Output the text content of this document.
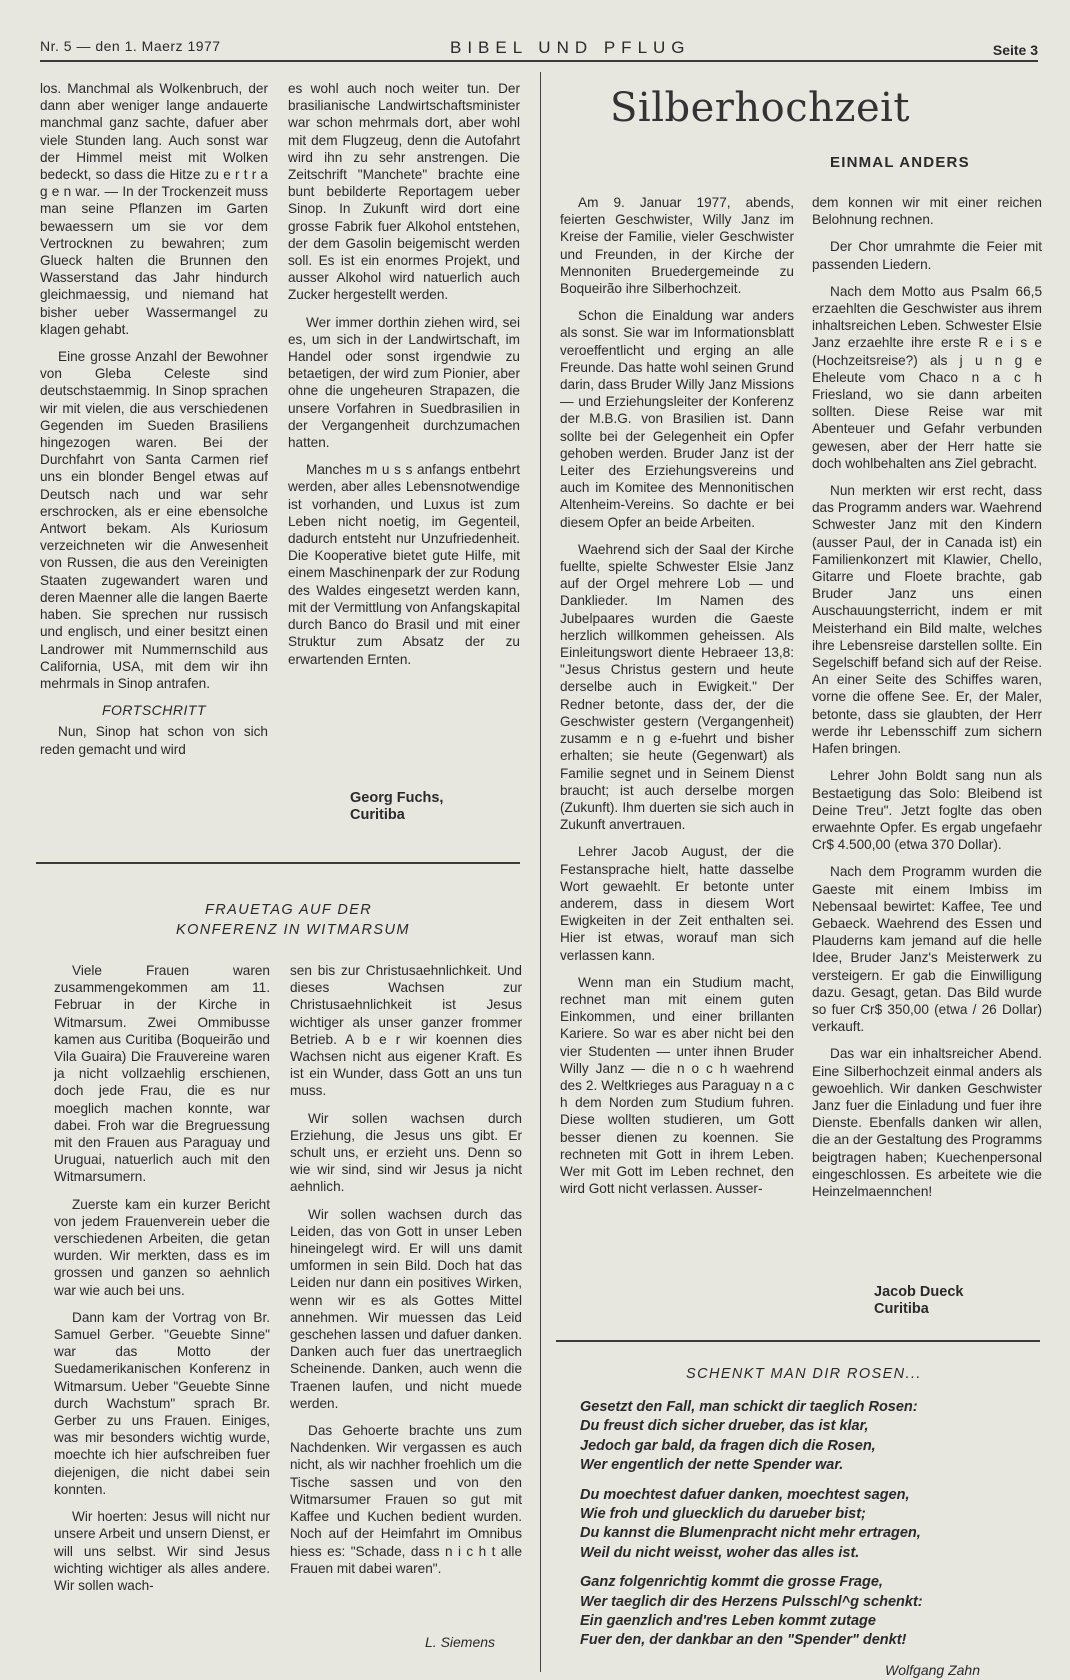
Nr. 5 — den 1. Maerz 1977	BIBEL UND PFLUG	Seite 3

los. Manchmal als Wolkenbruch, der dann aber weniger lange andauerte manchmal ganz sachte, dafuer aber viele Stunden lang. Auch sonst war der Himmel meist mit Wolken bedeckt, so dass die Hitze zu e r t r a g e n war. — In der Trockenzeit muss man seine Pflanzen im Garten bewaessern um sie vor dem Vertrocknen zu bewahren; zum Glueck halten die Brunnen den Wasserstand das Jahr hindurch gleichmaessig, und niemand hat bisher ueber Wassermangel zu klagen gehabt.

Eine grosse Anzahl der Bewohner von Gleba Celeste sind deutschstaemmig. In Sinop sprachen wir mit vielen, die aus verschiedenen Gegenden im Sueden Brasiliens hingezogen waren. Bei der Durchfahrt von Santa Carmen rief uns ein blonder Bengel etwas auf Deutsch nach und war sehr erschrocken, als er eine ebensolche Antwort bekam. Als Kuriosum verzeichneten wir die Anwesenheit von Russen, die aus den Vereinigten Staaten zugewandert waren und deren Maenner alle die langen Baerte haben. Sie sprechen nur russisch und englisch, und einer besitzt einen Landrower mit Nummernschild aus California, USA, mit dem wir ihn mehrmals in Sinop antrafen.

FORTSCHRITT

Nun, Sinop hat schon von sich reden gemacht und wird

es wohl auch noch weiter tun. Der brasilianische Landwirtschaftsminister war schon mehrmals dort, aber wohl mit dem Flugzeug, denn die Autofahrt wird ihn zu sehr anstrengen. Die Zeitschrift "Manchete" brachte eine bunt bebilderte Reportagem ueber Sinop. In Zukunft wird dort eine grosse Fabrik fuer Alkohol entstehen, der dem Gasolin beigemischt werden soll. Es ist ein enormes Projekt, und ausser Alkohol wird natuerlich auch Zucker hergestellt werden.

Wer immer dorthin ziehen wird, sei es, um sich in der Landwirtschaft, im Handel oder sonst irgendwie zu betaetigen, der wird zum Pionier, aber ohne die ungeheuren Strapazen, die unsere Vorfahren in Suedbrasilien in der Vergangenheit durchzumachen hatten.

Manches m u s s anfangs entbehrt werden, aber alles Lebensnotwendige ist vorhanden, und Luxus ist zum Leben nicht noetig, im Gegenteil, dadurch entsteht nur Unzufriedenheit. Die Kooperative bietet gute Hilfe, mit einem Maschinenpark der zur Rodung des Waldes eingesetzt werden kann, mit der Vermittlung von Anfangskapital durch Banco do Brasil und mit einer Struktur zum Absatz der zu erwartenden Ernten.

Georg Fuchs,
Curitiba
FRAUETAG AUF DER
KONFERENZ IN WITMARSUM

Viele Frauen waren zusammengekommen am 11. Februar in der Kirche in Witmarsum. Zwei Ommibusse kamen aus Curitiba (Boqueirão und Vila Guaira) Die Frauvereine waren ja nicht vollzaehlig erschienen, doch jede Frau, die es nur moeglich machen konnte, war dabei. Froh war die Bregruessung mit den Frauen aus Paraguay und Uruguai, natuerlich auch mit den Witmarsumern.

Zuerste kam ein kurzer Bericht von jedem Frauenverein ueber die verschiedenen Arbeiten, die getan wurden. Wir merkten, dass es im grossen und ganzen so aehnlich war wie auch bei uns.

Dann kam der Vortrag von Br. Samuel Gerber. "Geuebte Sinne" war das Motto der Suedamerikanischen Konferenz in Witmarsum. Ueber "Geuebte Sinne durch Wachstum" sprach Br. Gerber zu uns Frauen. Einiges, was mir besonders wichtig wurde, moechte ich hier aufschreiben fuer diejenigen, die nicht dabei sein konnten.

Wir hoerten: Jesus will nicht nur unsere Arbeit und unsern Dienst, er will uns selbst. Wir sind Jesus wichting wichtiger als alles andere. Wir sollen wach-

sen bis zur Christusaehnlichkeit. Und dieses Wachsen zur Christusaehnlichkeit ist Jesus wichtiger als unser ganzer frommer Betrieb. A b e r wir koennen dies Wachsen nicht aus eigener Kraft. Es ist ein Wunder, dass Gott an uns tun muss.

Wir sollen wachsen durch Erziehung, die Jesus uns gibt. Er schult uns, er erzieht uns. Denn so wie wir sind, sind wir Jesus ja nicht aehnlich.

Wir sollen wachsen durch das Leiden, das von Gott in unser Leben hineingelegt wird. Er will uns damit umformen in sein Bild. Doch hat das Leiden nur dann ein positives Wirken, wenn wir es als Gottes Mittel annehmen. Wir muessen das Leid geschehen lassen und dafuer danken. Danken auch fuer das unertraeglich Scheinende. Danken, auch wenn die Traenen laufen, und nicht muede werden.

Das Gehoerte brachte uns zum Nachdenken. Wir vergassen es auch nicht, als wir nachher froehlich um die Tische sassen und von den Witmarsumer Frauen so gut mit Kaffee und Kuchen bedient wurden. Noch auf der Heimfahrt im Omnibus hiess es: "Schade, dass n i c h t alle Frauen mit dabei waren".

L. Siemens
Silberhochzeit
EINMAL ANDERS

Am 9. Januar 1977, abends, feierten Geschwister, Willy Janz im Kreise der Familie, vieler Geschwister und Freunden, in der Kirche der Mennoniten Bruedergemeinde zu Boqueirão ihre Silberhochzeit.

Schon die Einaldung war anders als sonst. Sie war im Informationsblatt veroeffentlicht und erging an alle Freunde. Das hatte wohl seinen Grund darin, dass Bruder Willy Janz Missions — und Erziehungsleiter der Konferenz der M.B.G. von Brasilien ist. Dann sollte bei der Gelegenheit ein Opfer gehoben werden. Bruder Janz ist der Leiter des Erziehungsvereins und auch im Komitee des Mennonitischen Altenheim-Vereins. So dachte er bei diesem Opfer an beide Arbeiten.

Waehrend sich der Saal der Kirche fuellte, spielte Schwester Elsie Janz auf der Orgel mehrere Lob — und Danklieder. Im Namen des Jubelpaares wurden die Gaeste herzlich willkommen geheissen. Als Einleitungswort diente Hebraeer 13,8: "Jesus Christus gestern und heute derselbe auch in Ewigkeit." Der Redner betonte, dass der, der die Geschwister gestern (Vergangenheit) zusamm e n g e-fuehrt und bisher erhalten; sie heute (Gegenwart) als Familie segnet und in Seinem Dienst braucht; ist auch derselbe morgen (Zukunft). Ihm duerten sie sich auch in Zukunft anvertrauen.

Lehrer Jacob August, der die Festansprache hielt, hatte dasselbe Wort gewaehlt. Er betonte unter anderem, dass in diesem Wort Ewigkeiten in der Zeit enthalten sei. Hier ist etwas, worauf man sich verlassen kann.

Wenn man ein Studium macht, rechnet man mit einem guten Einkommen, und einer brillanten Kariere. So war es aber nicht bei den vier Studenten — unter ihnen Bruder Willy Janz — die n o c h waehrend des 2. Weltkrieges aus Paraguay n a c h dem Norden zum Studium fuhren. Diese wollten studieren, um Gott besser dienen zu koennen. Sie rechneten mit Gott in ihrem Leben. Wer mit Gott im Leben rechnet, den wird Gott nicht verlassen. Ausser-

dem konnen wir mit einer reichen Belohnung rechnen.

Der Chor umrahmte die Feier mit passenden Liedern.

Nach dem Motto aus Psalm 66,5 erzaehlten die Geschwister aus ihrem inhaltsreichen Leben. Schwester Elsie Janz erzaehlte ihre erste R e i s e (Hochzeitsreise?) als j u n g e Eheleute vom Chaco n a c h Friesland, wo sie dann arbeiten sollten. Diese Reise war mit Abenteuer und Gefahr verbunden gewesen, aber der Herr hatte sie doch wohlbehalten ans Ziel gebracht.

Nun merkten wir erst recht, dass das Programm anders war. Waehrend Schwester Janz mit den Kindern (ausser Paul, der in Canada ist) ein Familienkonzert mit Klawier, Chello, Gitarre und Floete brachte, gab Bruder Janz uns einen Auschauungsterricht, indem er mit Meisterhand ein Bild malte, welches ihre Lebensreise darstellen sollte. Ein Segelschiff befand sich auf der Reise. An einer Seite des Schiffes waren, vorne die offene See. Er, der Maler, betonte, dass sie glaubten, der Herr werde ihr Lebensschiff zum sichern Hafen bringen.

Lehrer John Boldt sang nun als Bestaetigung das Solo: Bleibend ist Deine Treu". Jetzt foglte das oben erwaehnte Opfer. Es ergab ungefaehr Cr$ 4.500,00 (etwa 370 Dollar).

Nach dem Programm wurden die Gaeste mit einem Imbiss im Nebensaal bewirtet: Kaffee, Tee und Gebaeck. Waehrend des Essen und Plauderns kam jemand auf die helle Idee, Bruder Janz's Meisterwerk zu versteigern. Er gab die Einwilligung dazu. Gesagt, getan. Das Bild wurde so fuer Cr$ 350,00 (etwa / 26 Dollar) verkauft.

Das war ein inhaltsreicher Abend. Eine Silberhochzeit einmal anders als gewoehlich. Wir danken Geschwister Janz fuer die Einladung und fuer ihre Dienste. Ebenfalls danken wir allen, die an der Gestaltung des Programms beigtragen haben; Kuechenpersonal eingeschlossen. Es arbeitete wie die Heinzelmaennchen!

Jacob Dueck
Curitiba
SCHENKT MAN DIR ROSEN...
Gesetzt den Fall, man schickt dir taeglich Rosen:
Du freust dich sicher drueber, das ist klar,
Jedoch gar bald, da fragen dich die Rosen,
Wer engentlich der nette Spender war.
Du moechtest dafuer danken, moechtest sagen,
Wie froh und gluecklich du darueber bist;
Du kannst die Blumenpracht nicht mehr ertragen,
Weil du nicht weisst, woher das alles ist.
Ganz folgenrichtig kommt die grosse Frage,
Wer taeglich dir des Herzens Pulsschl^g schenkt:
Ein gaenzlich and'res Leben kommt zutage
Fuer den, der dankbar an den "Spender" denkt!
Wolfgang Zahn
